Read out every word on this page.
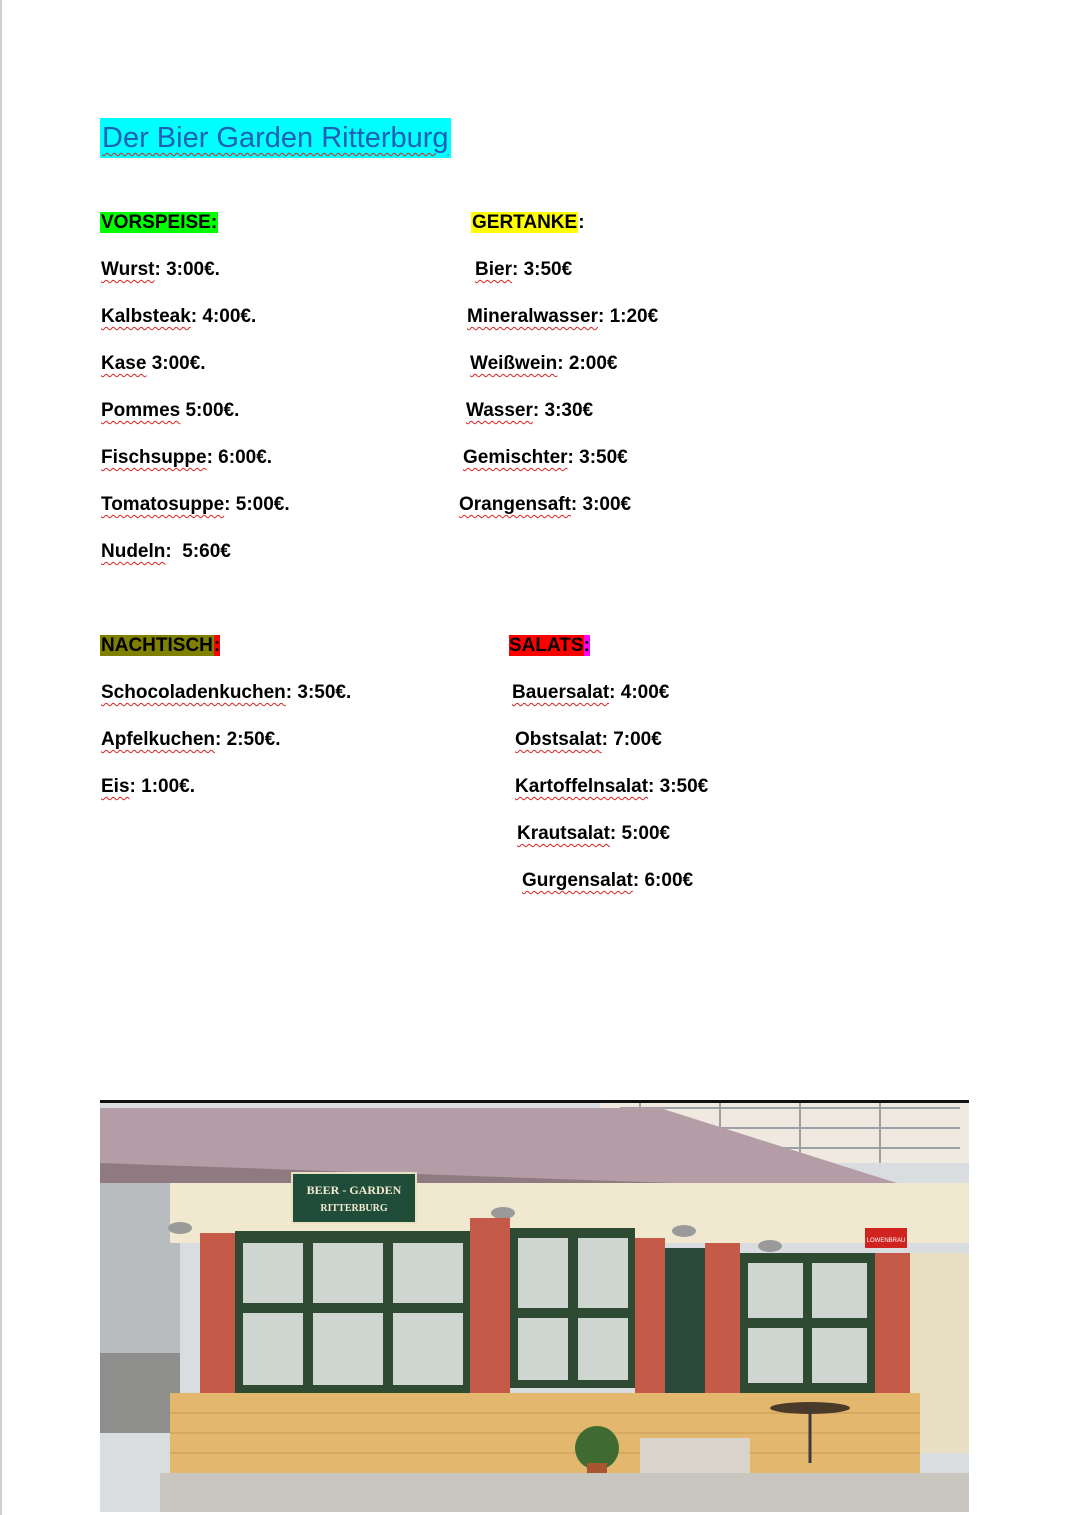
Der Bier Garden Ritterburg
VORSPEISE:
Wurst: 3:00€.
Kalbsteak: 4:00€.
Kase 3:00€.
Pommes 5:00€.
Fischsuppe: 6:00€.
Tomatosuppe: 5:00€.
Nudeln:  5:60€
GERTANKE:
Bier: 3:50€
Mineralwasser: 1:20€
Weißwein: 2:00€
Wasser: 3:30€
Gemischter: 3:50€
Orangensaft: 3:00€
NACHTISCH:
Schocoladenkuchen: 3:50€.
Apfelkuchen: 2:50€.
Eis: 1:00€.
SALATS:
Bauersalat: 4:00€
Obstsalat: 7:00€
Kartoffelnsalat: 3:50€
Krautsalat: 5:00€
Gurgensalat: 6:00€
BEER - GARDEN
RITTERBURG
LOWENBRAU
